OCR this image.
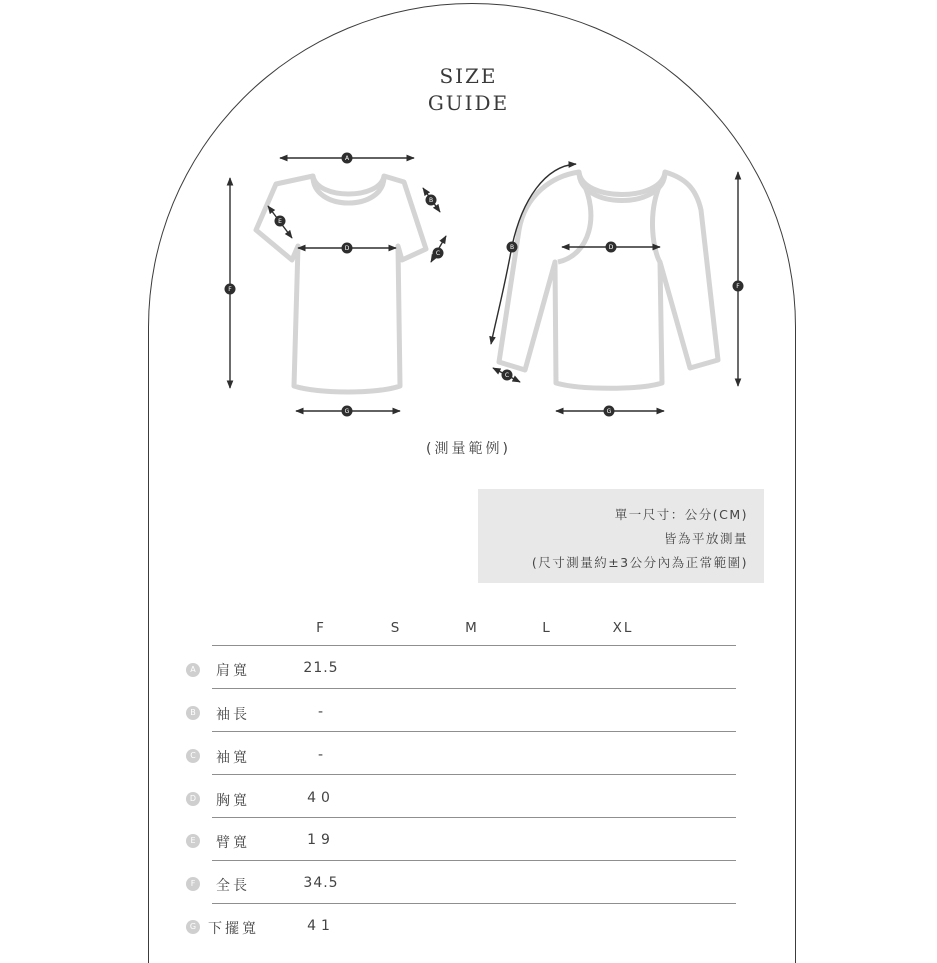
SIZE
GUIDE
A
E
B
D
C
F
G
B	D
F
C
G
(測量範例)
單一尺寸：公分(CM)
皆為平放測量
(尺寸測量約±3公分內為正常範圍)
F	S	M	L	XL
A	肩寬	21.5
B	袖長	-
C	袖寬	-
D 胸寬	40
E	臂寬	19
F	全長	34.5
G 下擺寬	41
